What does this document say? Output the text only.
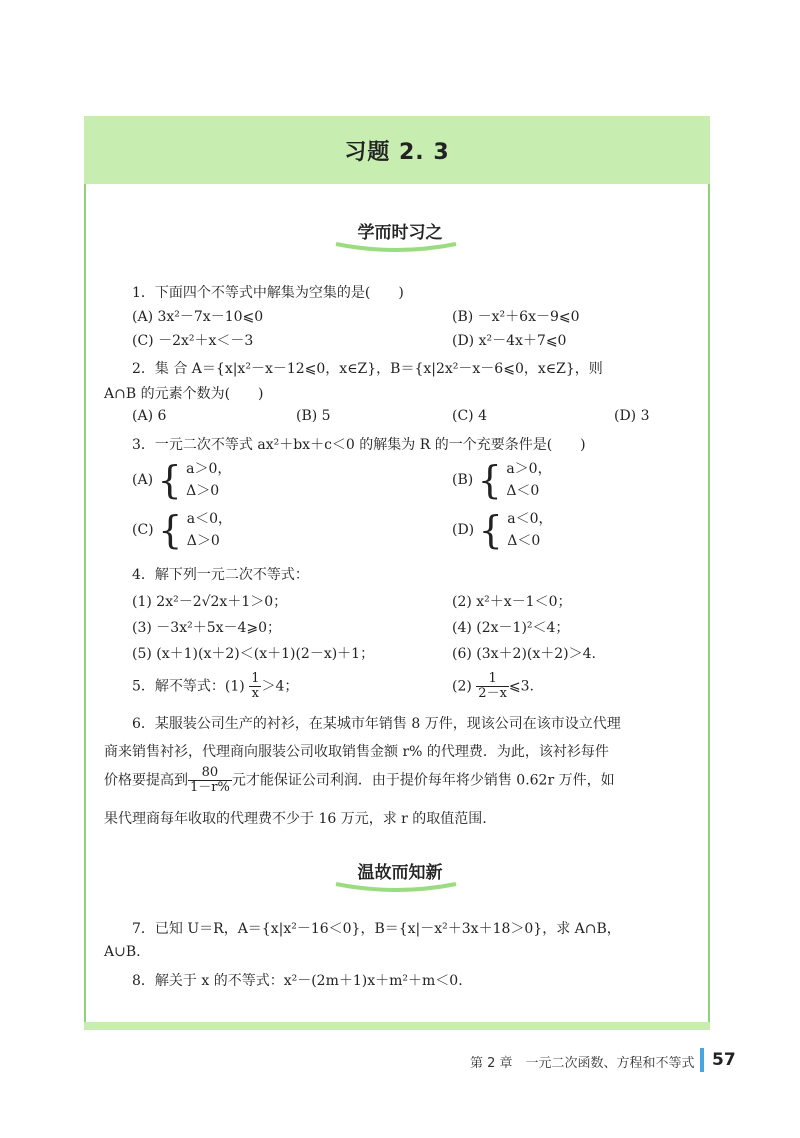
习题 2. 3
学而时习之
1．下面四个不等式中解集为空集的是(　　)
(A) 3x²－7x－10⩽0	(B) －x²＋6x－9⩽0
(C) －2x²＋x＜－3	(D) x²－4x＋7⩽0
2．集 合 A＝{x|x²－x－12⩽0，x∈Z}，B＝{x|2x²－x－6⩽0，x∈Z}，则
A∩B 的元素个数为(　　)
(A) 6	(B) 5	(C) 4	(D) 3
3．一元二次不等式 ax²＋bx＋c＜0 的解集为 R 的一个充要条件是(　　)
(A) { a＞0，
Δ＞0
(B) { a＞0，
Δ＜0
(C) { a＜0，
Δ＞0
(D) { a＜0，
Δ＜0
4．解下列一元二次不等式：
(1) 2x²－2√2x＋1＞0；	(2) x²＋x－1＜0；
(3) －3x²＋5x－4⩾0；	(4) (2x－1)²＜4；
(5) (x＋1)(x＋2)＜(x＋1)(2－x)＋1；	(6) (3x＋2)(x＋2)＞4.
5．解不等式：$(1) \frac{1}{x} >4$；	$(2) \frac{1}{2-x}$ ⩽3.
6．某服装公司生产的衬衫，在某城市年销售 8 万件，现该公司在该市设立代理
商来销售衬衫，代理商向服装公司收取销售金额 r% 的代理费．为此，该衬衫每件
价格要提高到 $\frac{80}{1-r\%}$ 元才能保证公司利润．由于提价每年将少销售 0.62r 万件，如
果代理商每年收取的代理费不少于 16 万元，求 r 的取值范围.
温故而知新
7．已知 U＝R，A＝{x|x²－16＜0}，B＝{x|－x²＋3x＋18＞0}，求 A∩B，
A∪B.
8．解关于 x 的不等式：x²－(2m＋1)x＋m²＋m＜0.
第 2 章　一元二次函数、方程和不等式 57
